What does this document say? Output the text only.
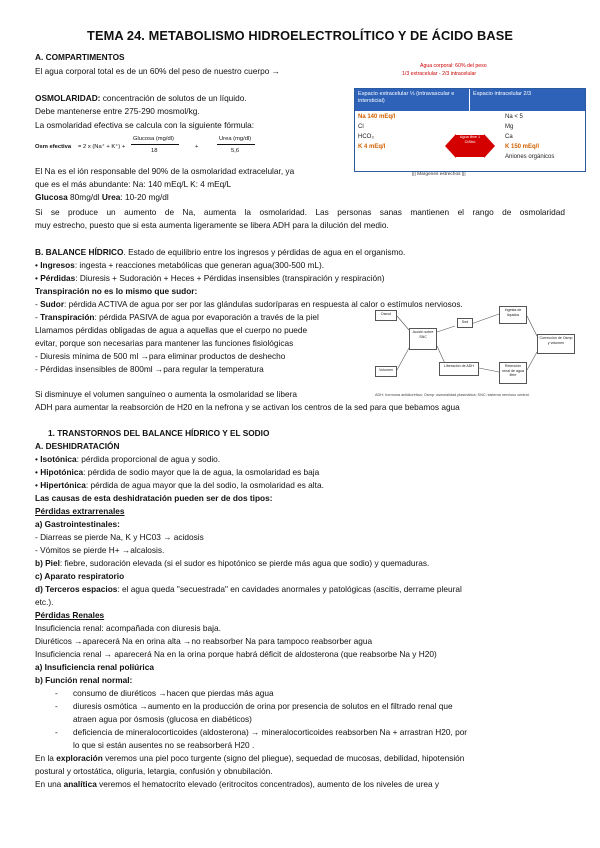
TEMA 24. METABOLISMO HIDROELECTROLÍTICO Y DE ÁCIDO BASE
A. COMPARTIMENTOS
El agua corporal total es de un 60% del peso de nuestro cuerpo →
OSMOLARIDAD: concentración de solutos de un líquido.
Debe mantenerse entre 275-290 mosmol/kg.
La osmolaridad efectiva se calcula con la siguiente fórmula:
Osm efectiva = 2 x (Na⁺ + K⁺) +
Glucosa (mg/dl)
18
+
Urea (mg/dl)
5,6
El Na es el ión responsable del 90% de la osmolaridad extracelular, ya
que es el más abundante: Na: 140 mEq/L K: 4 mEq/L
Glucosa 80mg/dl Urea: 10-20 mg/dl
Si se produce un aumento de Na, aumenta la osmolaridad. Las personas sanas mantienen el rango de osmolaridad
muy estrecho, puesto que si esta aumenta ligeramente se libera ADH para la dilución del medio.
Agua corporal: 60% del peso
1/3 extracelular - 2/3 intracelular
Espacio extracelular ⅓ (intravascular e intersticial)
Espacio intracelular 2/3
Na 140 mEq/l
Cl
HCO₃
K 4 mEq/l
Na < 5
Mg
Ca
K 150 mEq/l
Aniones orgánicos
Agua libre 1 Cl/litro
||| Márgenes estrechos |||
B. BALANCE HÍDRICO. Estado de equilibrio entre los ingresos y pérdidas de agua en el organismo.
• Ingresos: ingesta + reacciones metabólicas que generan agua(300-500 mL).
• Pérdidas: Diuresis + Sudoración + Heces + Pérdidas insensibles (transpiración y respiración)
Transpiración no es lo mismo que sudor:
- Sudor: pérdida ACTIVA de agua por ser por las glándulas sudoríparas en respuesta al calor o estímulos nerviosos.
- Transpiración: pérdida PASIVA de agua por evaporación a través de la piel
Llamamos pérdidas obligadas de agua a aquellas que el cuerpo no puede
evitar, porque son necesarias para mantener las funciones fisiológicas
- Diuresis mínima de 500 ml →para eliminar productos de deshecho
- Pérdidas insensibles de 800ml →para regular la temperatura
Osmol
Volumen
Acción sobre SNC
Sed
Ingesta de líquidos
Liberación de ADH	Retención renal de agua libre
Corrección de Osmp y volumen
ADH: hormona antidiurética; Osmp: osmolalidad plasmática; SNC: sistema nervioso central.
Si disminuye el volumen sanguíneo o aumenta la osmolaridad se libera
ADH para aumentar la reabsorción de H20 en la nefrona y se activan los centros de la sed para que bebamos agua
1. TRANSTORNOS DEL BALANCE HÍDRICO Y EL SODIO
A. DESHIDRATACIÓN
• Isotónica: pérdida proporcional de agua y sodio.
• Hipotónica: pérdida de sodio mayor que la de agua, la osmolaridad es baja
• Hipertónica: pérdida de agua mayor que la del sodio, la osmolaridad es alta.
Las causas de esta deshidratación pueden ser de dos tipos:
Pérdidas extrarrenales
a) Gastrointestinales:
- Diarreas se pierde Na, K y HC03 → acidosis
- Vómitos se pierde H+ →alcalosis.
b) Piel: fiebre, sudoración elevada (si el sudor es hipotónico se pierde más agua que sodio) y quemaduras.
c) Aparato respiratorio
d) Terceros espacios: el agua queda "secuestrada" en cavidades anormales y patológicas (ascitis, derrame pleural
etc.).
Pérdidas Renales
Insuficiencia renal: acompañada con diuresis baja.
Diuréticos →aparecerá Na en orina alta →no reabsorber Na para tampoco reabsorber agua
Insuficiencia renal → aparecerá Na en la orina porque habrá déficit de aldosterona (que reabsorbe Na y H20)
a) Insuficiencia renal poliúrica
b) Función renal normal:
- consumo de diuréticos →hacen que pierdas más agua
- diuresis osmótica →aumento en la producción de orina por presencia de solutos en el filtrado renal que
atraen agua por ósmosis (glucosa en diabéticos)
- deficiencia de mineralocorticoides (aldosterona) → mineralocorticoides reabsorben Na + arrastran H20, por
lo que si están ausentes no se reabsorberá H20 .
En la exploración veremos una piel poco turgente (signo del pliegue), sequedad de mucosas, debilidad, hipotensión
postural y ortostática, oliguria, letargia, confusión y obnubilación.
En una analítica veremos el hematocrito elevado (eritrocitos concentrados), aumento de los niveles de urea y
